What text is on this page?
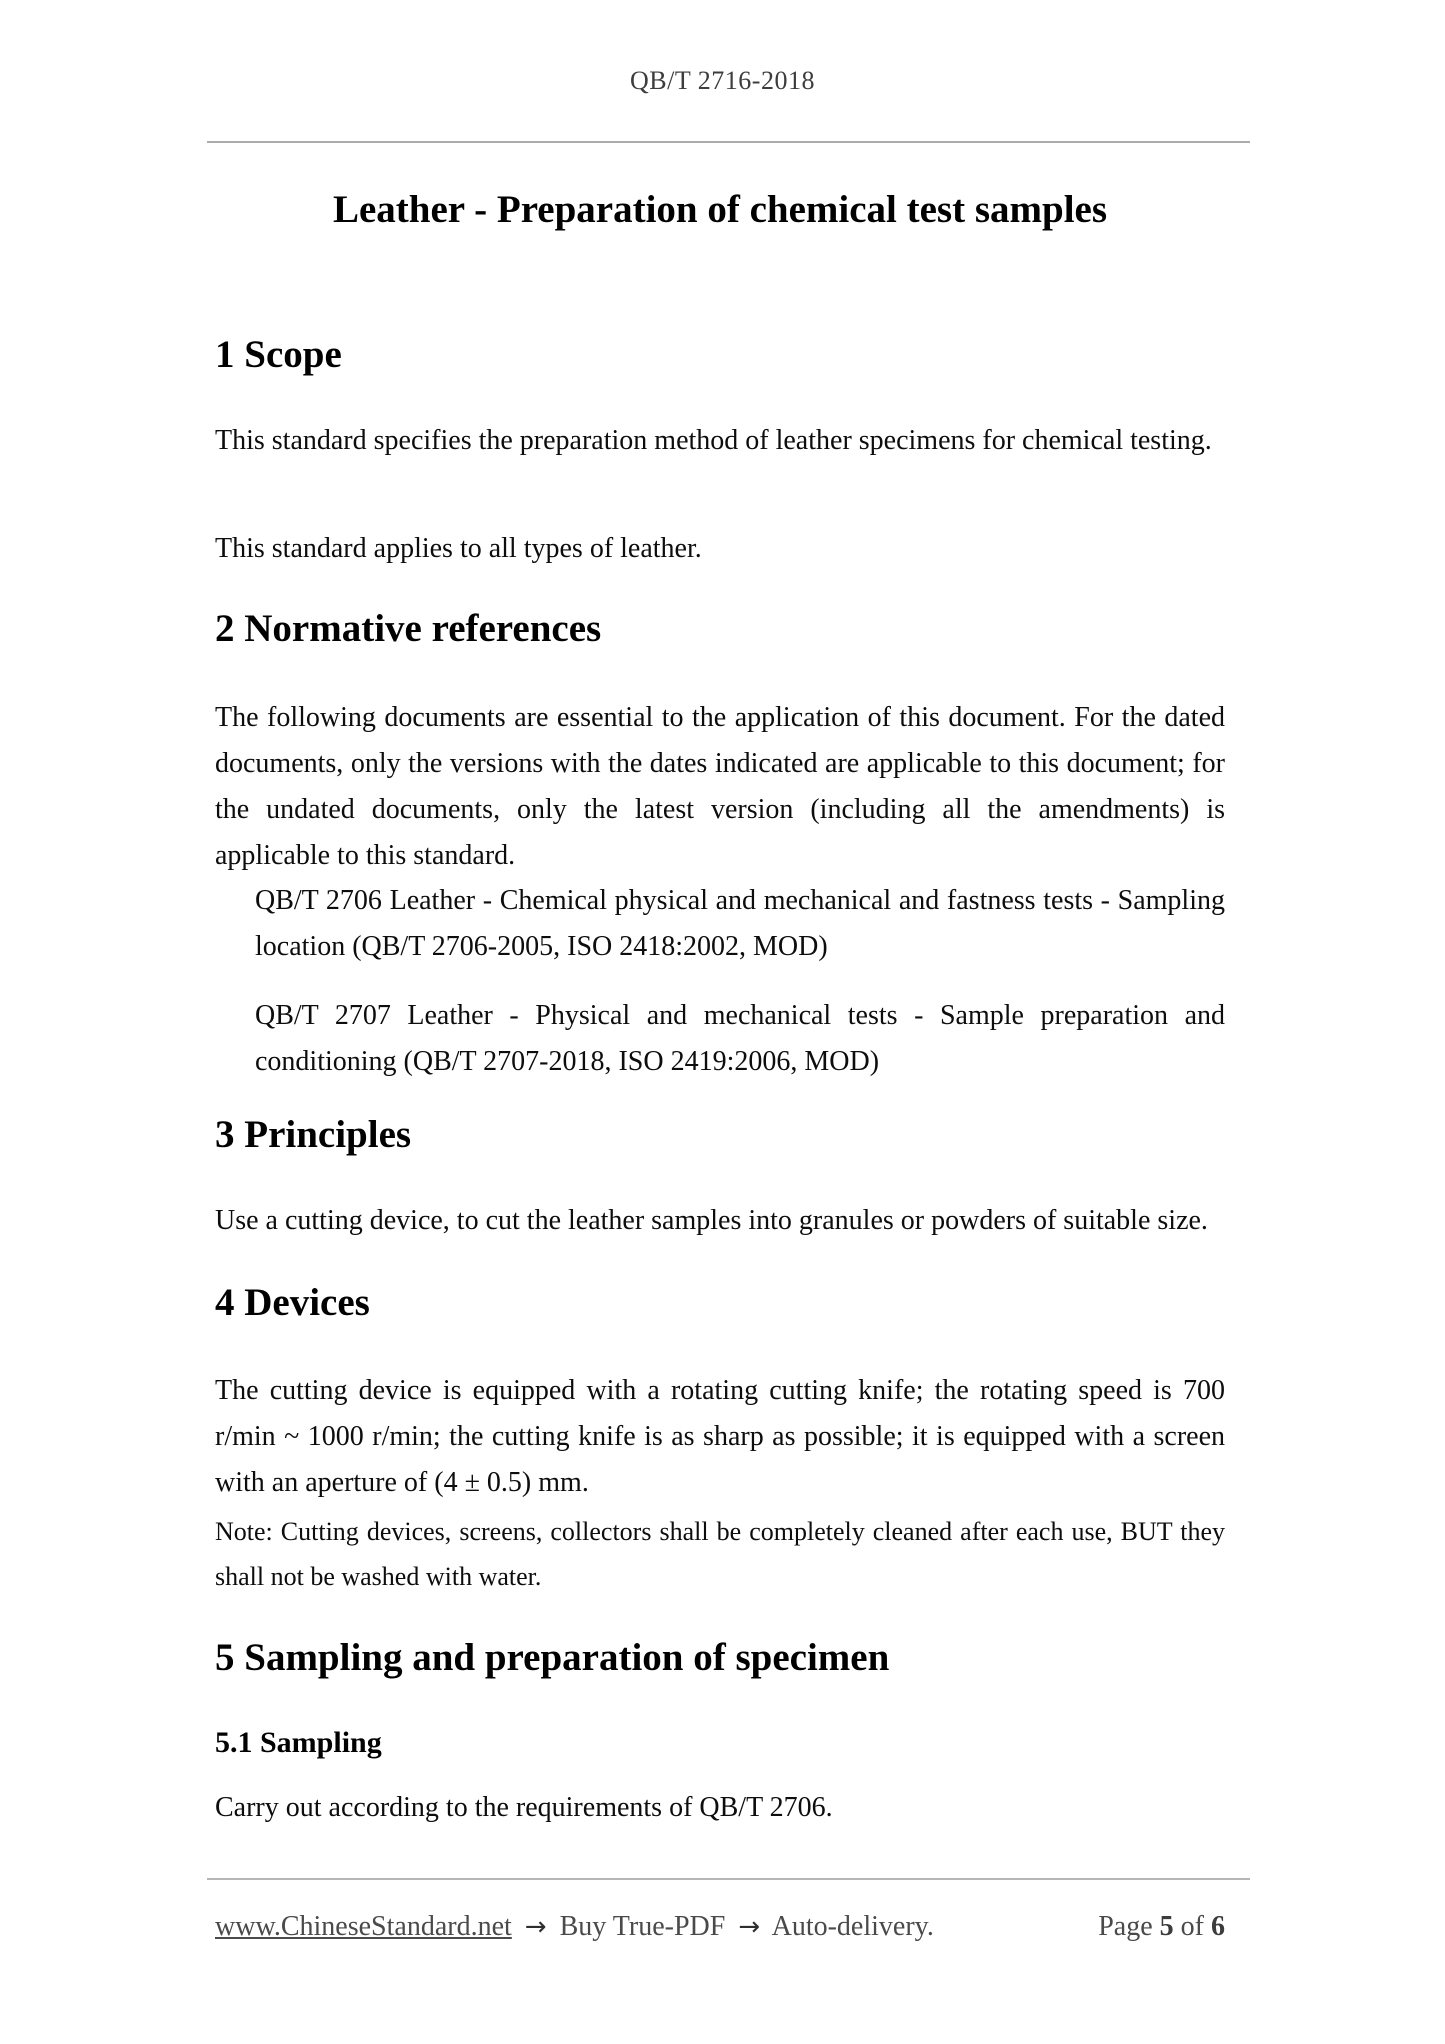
QB/T 2716-2018
Leather - Preparation of chemical test samples
1 Scope
This standard specifies the preparation method of leather specimens for chemical testing.
This standard applies to all types of leather.
2 Normative references
The following documents are essential to the application of this document. For the dated documents, only the versions with the dates indicated are applicable to this document; for the undated documents, only the latest version (including all the amendments) is applicable to this standard.
QB/T 2706 Leather - Chemical physical and mechanical and fastness tests - Sampling location (QB/T 2706-2005, ISO 2418:2002, MOD)
QB/T 2707 Leather - Physical and mechanical tests - Sample preparation and conditioning (QB/T 2707-2018, ISO 2419:2006, MOD)
3 Principles
Use a cutting device, to cut the leather samples into granules or powders of suitable size.
4 Devices
The cutting device is equipped with a rotating cutting knife; the rotating speed is 700 r/min ~ 1000 r/min; the cutting knife is as sharp as possible; it is equipped with a screen with an aperture of (4 ± 0.5) mm.
Note: Cutting devices, screens, collectors shall be completely cleaned after each use, BUT they shall not be washed with water.
5 Sampling and preparation of specimen
5.1 Sampling
Carry out according to the requirements of QB/T 2706.
www.ChineseStandard.net → Buy True-PDF → Auto-delivery.	Page 5 of 6
